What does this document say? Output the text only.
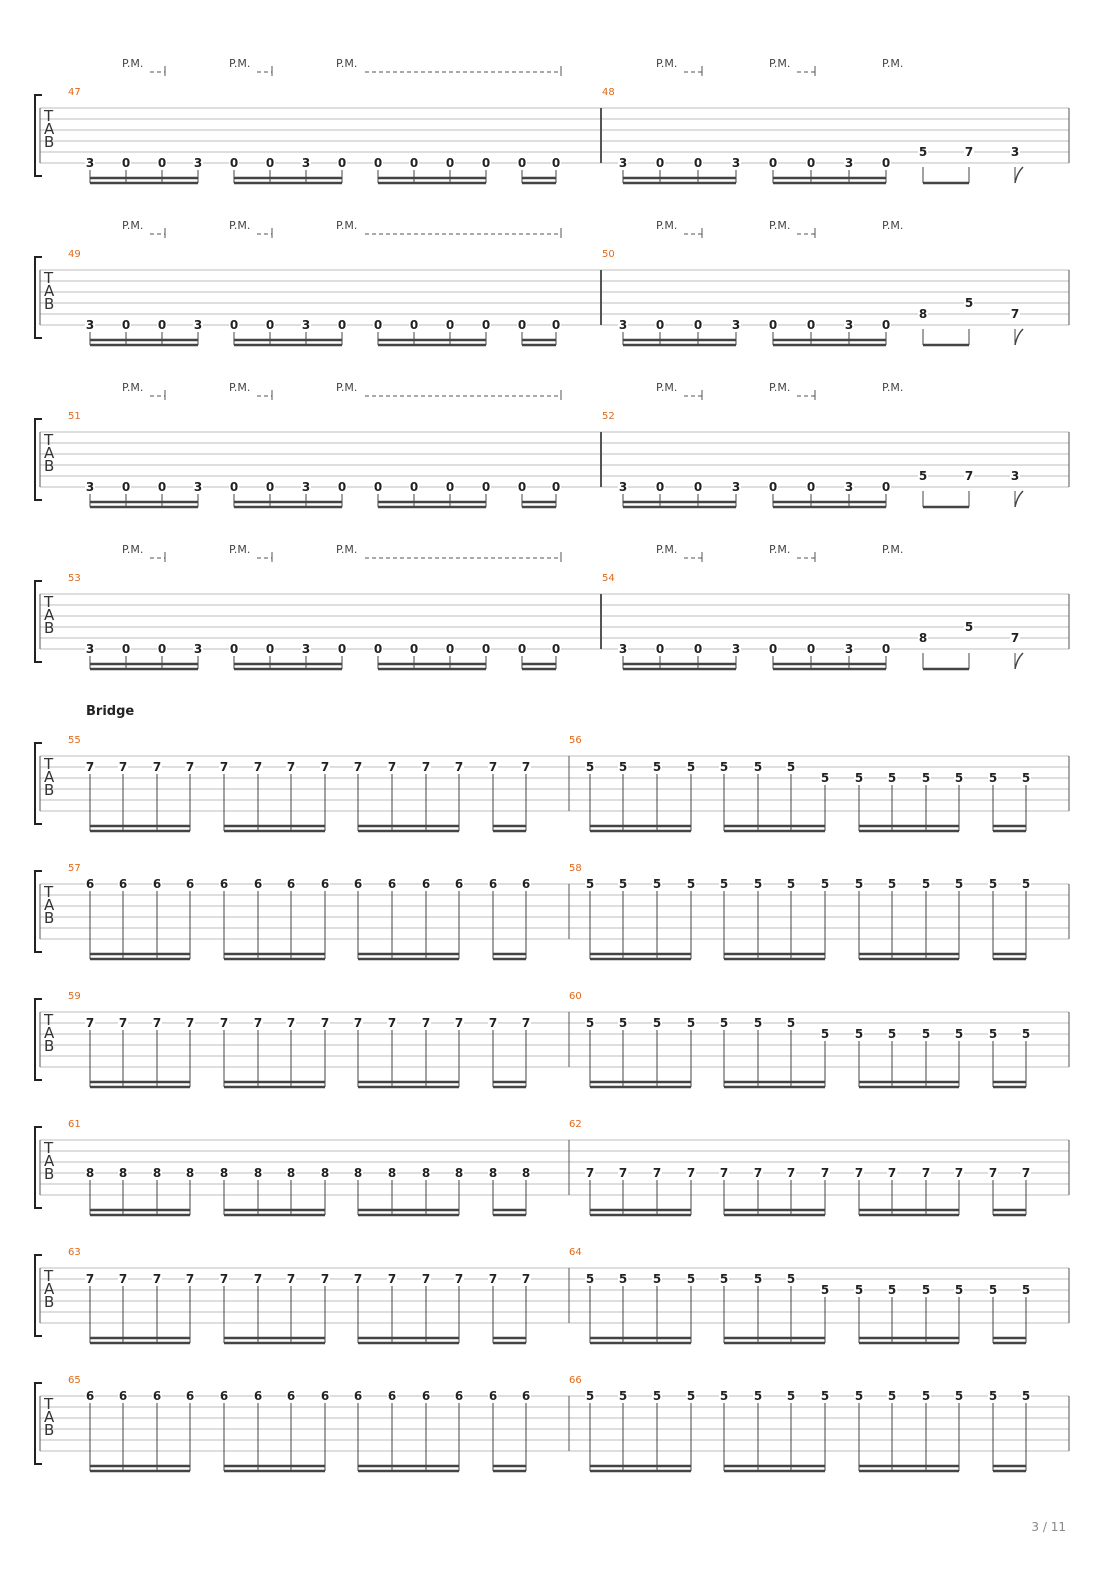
T
A
B
P.M.	P.M.	P.M.	P.M.	P.M.	P.M.
47
3 0 0 3 0 0 3 0 0 0 0 0 0 0
48
3 0 0 3 0 0 3 0
5	7	3
T
A
B
P.M.	P.M.	P.M.	P.M.	P.M.	P.M.
49
3 0 0 3 0 0 3 0 0 0 0 0 0 0
50
3 0 0 3 0 0 3 0
8
5
7
T
A
B
P.M.	P.M.	P.M.	P.M.	P.M.	P.M.
51
3 0 0 3 0 0 3 0 0 0 0 0 0 0
52
3 0 0 3 0 0 3 0
5	7	3
T
A
B
P.M.	P.M.	P.M.	P.M.	P.M.	P.M.
53
3 0 0 3 0 0 3 0 0 0 0 0 0 0
54
3 0 0 3 0 0 3 0
8
5
7
T
A
B
Bridge
55
7 7 7 7 7 7 7 7 7 7 7 7 7 7
56
5 5 5 5 5 5 5
5 5 5 5 5 5 5
T
A
B
57
6 6 6 6 6 6 6 6 6 6 6 6 6 6
58
5 5 5 5 5 5 5 5 5 5 5 5 5 5
T
A
B
59
7 7 7 7 7 7 7 7 7 7 7 7 7 7
60
5 5 5 5 5 5 5
5 5 5 5 5 5 5
T
A
B
61
8 8 8 8 8 8 8 8 8 8 8 8 8 8
62
7 7 7 7 7 7 7 7 7 7 7 7 7 7
T
A
B
63
7 7 7 7 7 7 7 7 7 7 7 7 7 7
64
5 5 5 5 5 5 5
5 5 5 5 5 5 5
T
A
B
65
6 6 6 6 6 6 6 6 6 6 6 6 6 6
66
5 5 5 5 5 5 5 5 5 5 5 5 5 5
3 / 11
